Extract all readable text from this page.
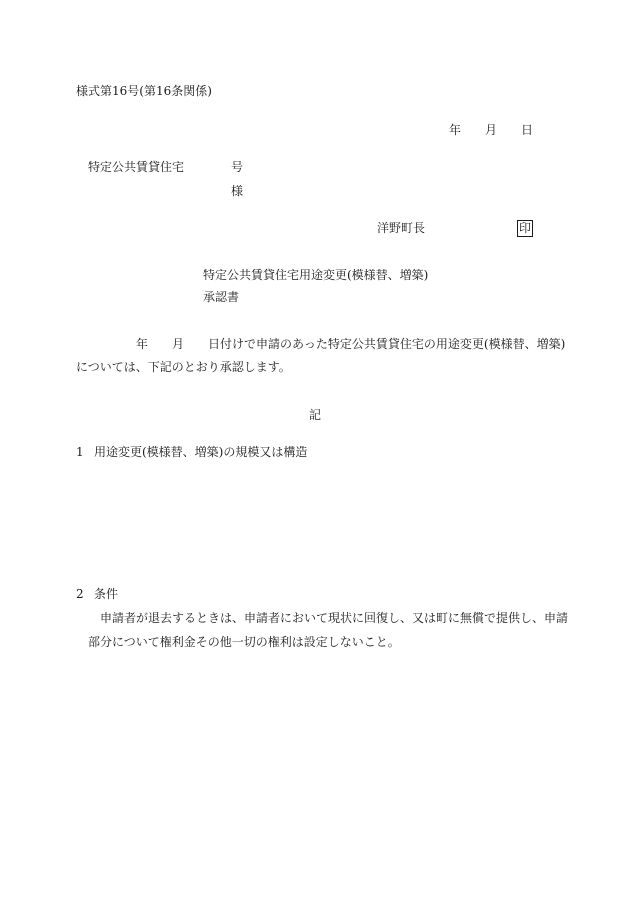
様式第16号(第16条関係)
年 月 日
特定公共賃貸住宅	号
様
洋野町長	印
特定公共賃貸住宅用途変更(模様替、増築)
承認書
年 月 日付けで申請のあった特定公共賃貸住宅の用途変更(模様替、増築)
については、下記のとおり承認します。
記
1 用途変更(模様替、増築)の規模又は構造
2 条件
申請者が退去するときは、申請者において現状に回復し、又は町に無償で提供し、申請
部分について権利金その他一切の権利は設定しないこと。
